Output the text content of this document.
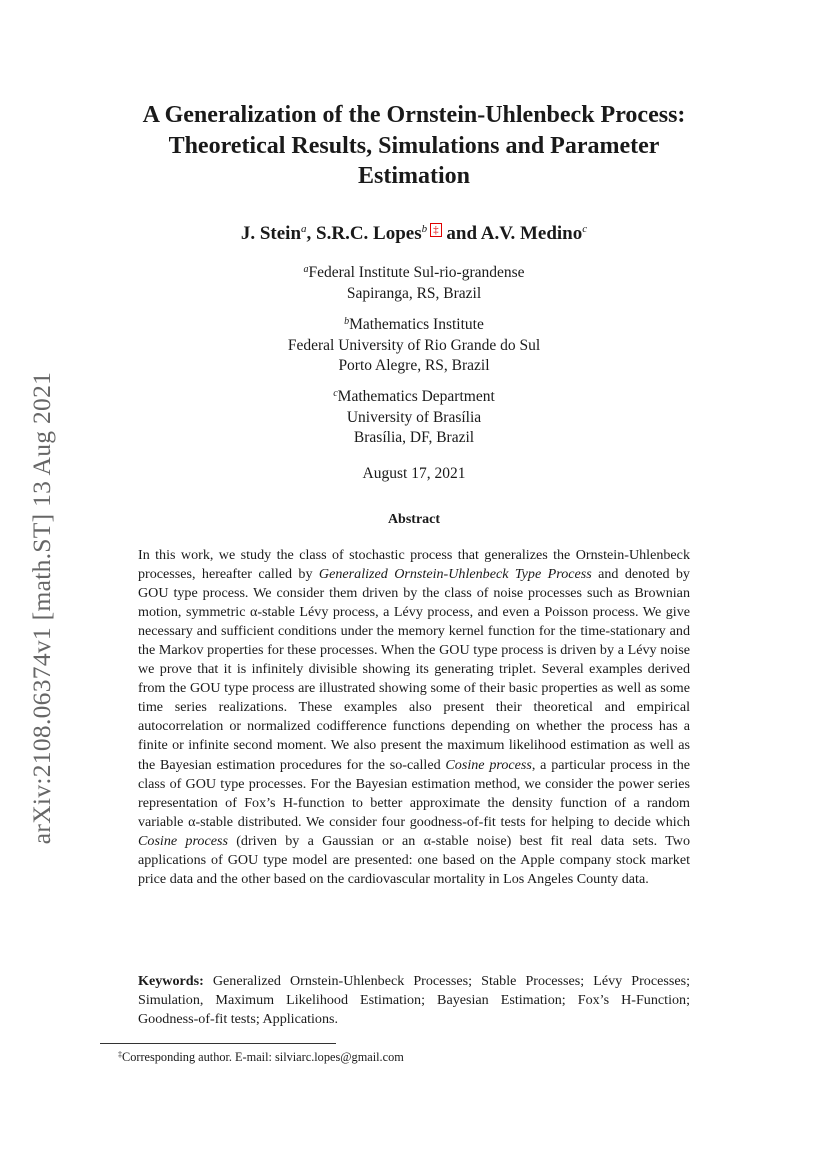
arXiv:2108.06374v1 [math.ST] 13 Aug 2021
A Generalization of the Ornstein-Uhlenbeck Process:
Theoretical Results, Simulations and Parameter
Estimation
J. Stein$^a$, S.R.C. Lopes$^b$ ‡ and A.V. Medino$^c$
$^a$Federal Institute Sul-rio-grandense
Sapiranga, RS, Brazil
$^b$Mathematics Institute
Federal University of Rio Grande do Sul
Porto Alegre, RS, Brazil
$^c$Mathematics Department
University of Brasília
Brasília, DF, Brazil
August 17, 2021
Abstract
In this work, we study the class of stochastic process that generalizes the Ornstein-Uhlenbeck processes, hereafter called by Generalized Ornstein-Uhlenbeck Type Process and denoted by GOU type process. We consider them driven by the class of noise processes such as Brownian motion, symmetric α-stable Lévy process, a Lévy process, and even a Poisson process. We give necessary and sufficient conditions under the memory kernel function for the time-stationary and the Markov properties for these processes. When the GOU type process is driven by a Lévy noise we prove that it is infinitely divisible showing its generating triplet. Several examples derived from the GOU type process are illustrated showing some of their basic properties as well as some time series realizations. These examples also present their theoretical and empirical autocorrelation or normalized codifference functions depending on whether the process has a finite or infinite second moment. We also present the maximum likelihood estimation as well as the Bayesian estimation procedures for the so-called Cosine process, a particular process in the class of GOU type processes. For the Bayesian estimation method, we consider the power series representation of Fox’s H-function to better approximate the density function of a random variable α-stable distributed. We consider four goodness-of-fit tests for helping to decide which Cosine process (driven by a Gaussian or an α-stable noise) best fit real data sets. Two applications of GOU type model are presented: one based on the Apple company stock market price data and the other based on the cardiovascular mortality in Los Angeles County data.
Keywords: Generalized Ornstein-Uhlenbeck Processes; Stable Processes; Lévy Processes; Simulation, Maximum Likelihood Estimation; Bayesian Estimation; Fox’s H-Function; Goodness-of-fit tests; Applications.
‡Corresponding author. E-mail: silviarc.lopes@gmail.com
